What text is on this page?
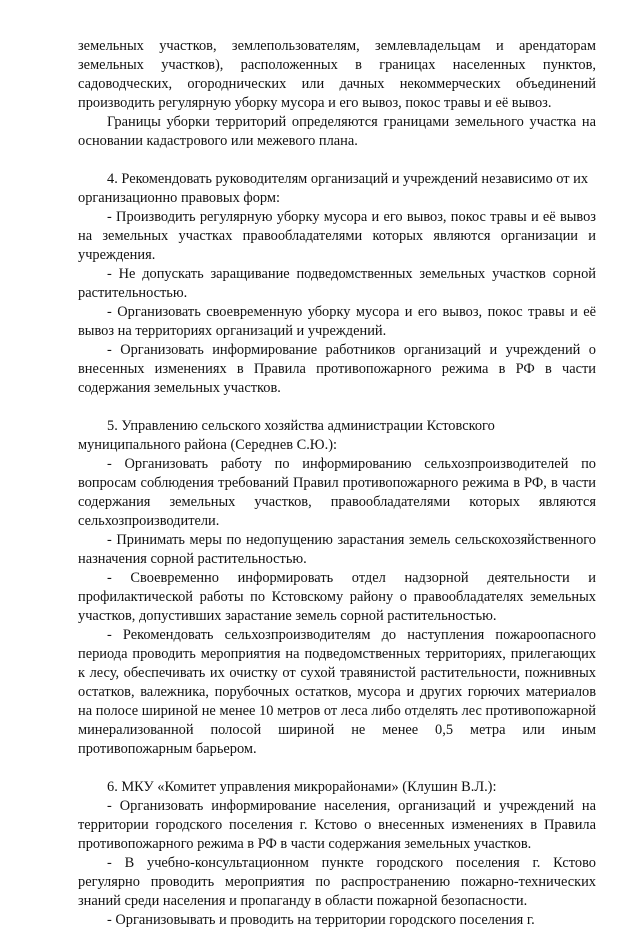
земельных участков, землепользователям, землевладельцам и арендаторам земельных участков), расположенных в границах населенных пунктов, садоводческих, огороднических или дачных некоммерческих объединений производить регулярную уборку мусора и его вывоз, покос травы и её вывоз.

Границы уборки территорий определяются границами земельного участка на основании кадастрового или межевого плана.

4. Рекомендовать руководителям организаций и учреждений независимо от их организационно правовых форм:

- Производить регулярную уборку мусора и его вывоз, покос травы и её вывоз на земельных участках правообладателями которых являются организации и учреждения.

- Не допускать заращивание подведомственных земельных участков сорной растительностью.

- Организовать своевременную уборку мусора и его вывоз, покос травы и её вывоз на территориях организаций и учреждений.

- Организовать информирование работников организаций и учреждений о внесенных изменениях в Правила противопожарного режима в РФ в части содержания земельных участков.

5. Управлению сельского хозяйства администрации Кстовского муниципального района (Середнев С.Ю.):

- Организовать работу по информированию сельхозпроизводителей по вопросам соблюдения требований Правил противопожарного режима в РФ, в части содержания земельных участков, правообладателями которых являются сельхозпроизводители.

- Принимать меры по недопущению зарастания земель сельскохозяйственного назначения сорной растительностью.

- Своевременно информировать отдел надзорной деятельности и профилактической работы по Кстовскому району о правообладателях земельных участков, допустивших зарастание земель сорной растительностью.

- Рекомендовать сельхозпроизводителям до наступления пожароопасного периода проводить мероприятия на подведомственных территориях, прилегающих к лесу, обеспечивать их очистку от сухой травянистой растительности, пожнивных остатков, валежника, порубочных остатков, мусора и других горючих материалов на полосе шириной не менее 10 метров от леса либо отделять лес противопожарной минерализованной полосой шириной не менее 0,5 метра или иным противопожарным барьером.

6. МКУ «Комитет управления микрорайонами» (Клушин В.Л.):

- Организовать информирование населения, организаций и учреждений на территории городского поселения г. Кстово о внесенных изменениях в Правила противопожарного режима в РФ в части содержания земельных участков.

- В учебно-консультационном пункте городского поселения г. Кстово регулярно проводить мероприятия по распространению пожарно-технических знаний среди населения и пропаганду в области пожарной безопасности.

- Организовывать и проводить на территории городского поселения г.
